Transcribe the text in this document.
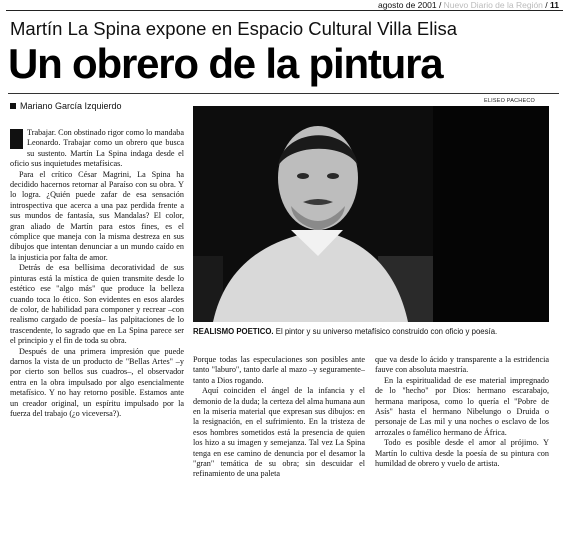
agosto de 2001 / Nuevo Diario de la Región / 11
Martín La Spina expone en Espacio Cultural Villa Elisa
Un obrero de la pintura
Mariano García Izquierdo	ELISEO PACHECO

Trabajar. Con obstinado rigor como lo mandaba Leonardo. Trabajar como un obrero que busca su sustento. Martín La Spina indaga desde el oficio sus inquietudes metafísicas.

Para el crítico César Magrini, La Spina ha decidido hacernos retornar al Paraíso con su obra. Y lo logra. ¿Quién puede zafar de esa sensación introspectiva que acerca a una paz perdida frente a sus mundos de fantasía, sus Mandalas? El color, gran aliado de Martín para estos fines, es el cómplice que maneja con la misma destreza en sus dibujos que intentan denunciar a un mundo caído en la injusticia por falta de amor.

Detrás de esa bellísima decoratividad de sus pinturas está la mística de quien transmite desde lo estético ese "algo más" que produce la belleza cuando toca lo ético. Son evidentes en esos alardes de color, de habilidad para componer y recrear –con realismo cargado de poesía– las palpitaciones de lo trascendente, lo sagrado que en La Spina parece ser el principio y el fin de toda su obra.

Después de una primera impresión que puede darnos la vista de un producto de "Bellas Artes" –y por cierto son bellos sus cuadros–, el observador entra en la obra impulsado por algo esencialmente metafísico. Y no hay retorno posible. Estamos ante un creador original, un espíritu impulsado por la fuerza del trabajo (¿o viceversa?).

REALISMO POETICO. El pintor y su universo metafísico construido con oficio y poesía.

Porque todas las especulaciones son posibles ante tanto "laburo", tanto darle al mazo –y seguramente– tanto a Dios rogando.

Aquí coinciden el ángel de la infancia y el demonio de la duda; la certeza del alma humana aun en la miseria material que expresan sus dibujos: en la resignación, en el sufrimiento. En la tristeza de esos hombres sometidos está la presencia de quien los hizo a su imagen y semejanza. Tal vez La Spina tenga en ese camino de denuncia por el desamor la "gran" temática de su obra; sin descuidar el refinamiento de una paleta

que va desde lo ácido y transparente a la estridencia fauve con absoluta maestría.

En la espiritualidad de ese material impregnado de lo "hecho" por Dios: hermano escarabajo, hermana mariposa, como lo quería el "Pobre de Asís" hasta el hermano Nibelungo o Druida o personaje de Las mil y una noches o esclavo de los arrozales o famélico hermano de África.

Todo es posible desde el amor al prójimo. Y Martín lo cultiva desde la poesía de su pintura con humildad de obrero y vuelo de artista.
